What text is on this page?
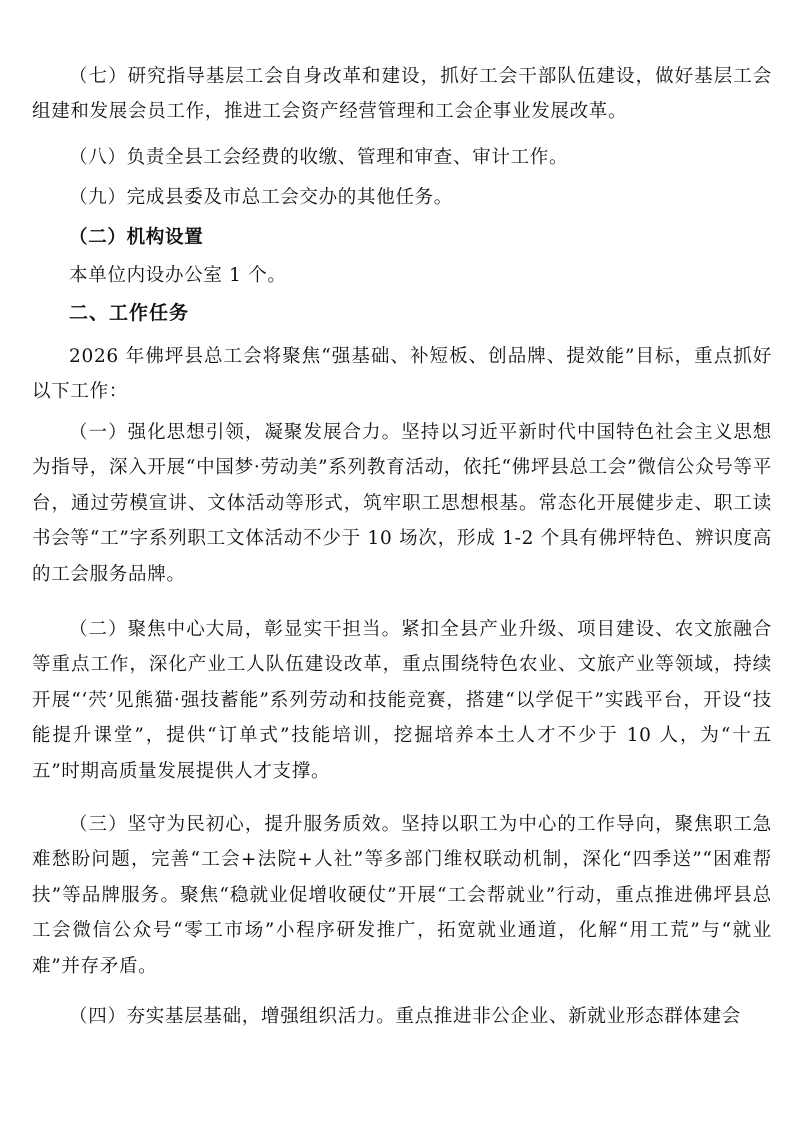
（七）研究指导基层工会自身改革和建设，抓好工会干部队伍建设，做好基层工会组建和发展会员工作，推进工会资产经营管理和工会企事业发展改革。

（八）负责全县工会经费的收缴、管理和审查、审计工作。

（九）完成县委及市总工会交办的其他任务。

（二）机构设置

本单位内设办公室 1 个。

二、工作任务

2026 年佛坪县总工会将聚焦“强基础、补短板、创品牌、提效能”目标，重点抓好以下工作：

（一）强化思想引领，凝聚发展合力。坚持以习近平新时代中国特色社会主义思想为指导，深入开展“中国梦·劳动美”系列教育活动，依托“佛坪县总工会”微信公众号等平台，通过劳模宣讲、文体活动等形式，筑牢职工思想根基。常态化开展健步走、职工读书会等“工”字系列职工文体活动不少于 10 场次，形成 1-2 个具有佛坪特色、辨识度高的工会服务品牌。

（二）聚焦中心大局，彰显实干担当。紧扣全县产业升级、项目建设、农文旅融合等重点工作，深化产业工人队伍建设改革，重点围绕特色农业、文旅产业等领域，持续开展“‘茓’见熊猫·强技蓄能”系列劳动和技能竞赛，搭建“以学促干”实践平台，开设“技能提升课堂”，提供“订单式”技能培训，挖掘培养本土人才不少于 10 人，为“十五五”时期高质量发展提供人才支撑。

（三）坚守为民初心，提升服务质效。坚持以职工为中心的工作导向，聚焦职工急难愁盼问题，完善“工会+法院+人社”等多部门维权联动机制，深化“四季送”“困难帮扶”等品牌服务。聚焦“稳就业促增收硬仗”开展“工会帮就业”行动，重点推进佛坪县总工会微信公众号“零工市场”小程序研发推广，拓宽就业通道，化解“用工荒”与“就业难”并存矛盾。

（四）夯实基层基础，增强组织活力。重点推进非公企业、新就业形态群体建会
